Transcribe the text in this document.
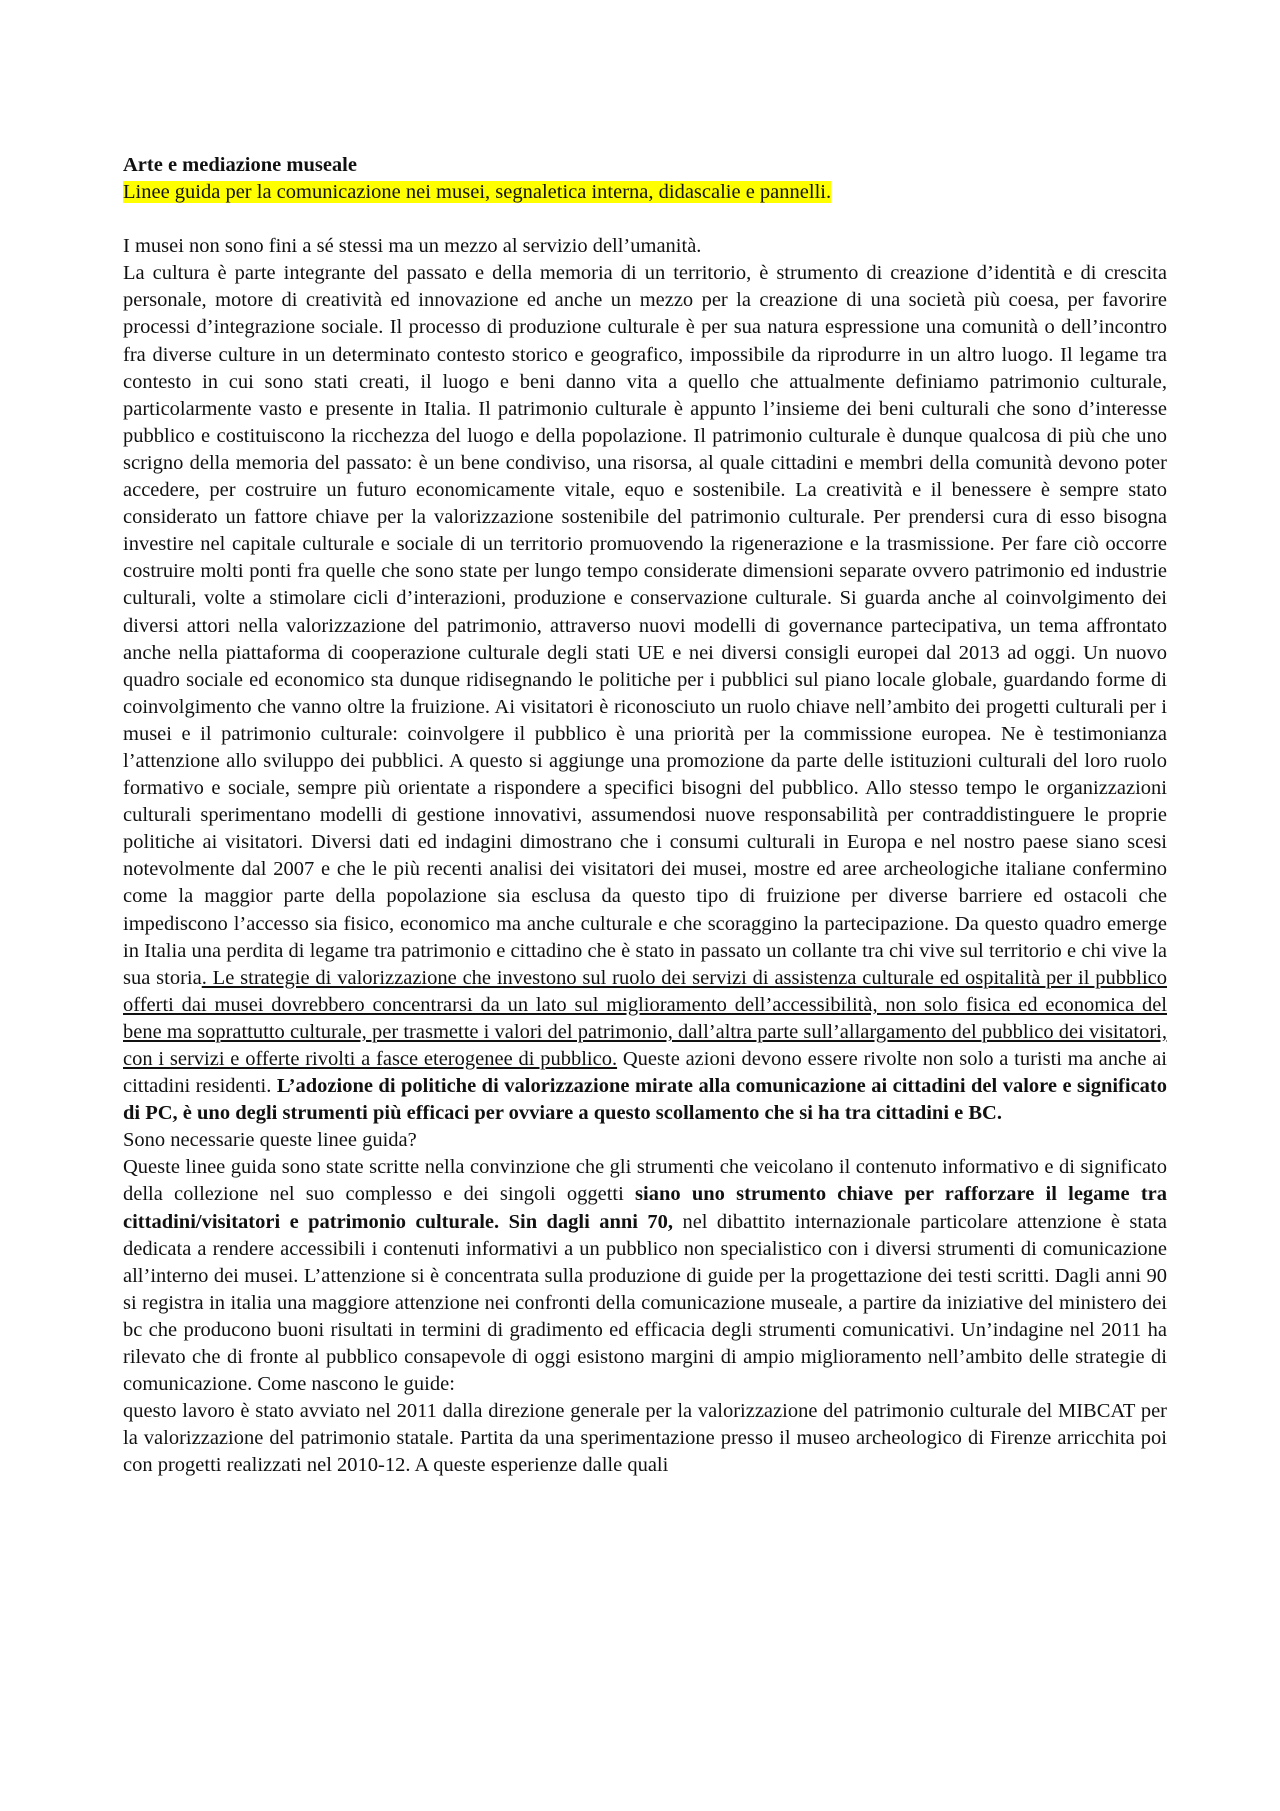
Arte e mediazione museale

Linee guida per la comunicazione nei musei, segnaletica interna, didascalie e pannelli.

I musei non sono fini a sé stessi ma un mezzo al servizio dell’umanità.

La cultura è parte integrante del passato e della memoria di un territorio, è strumento di creazione d’identità e di crescita personale, motore di creatività ed innovazione ed anche un mezzo per la creazione di una società più coesa, per favorire processi d’integrazione sociale. Il processo di produzione culturale è per sua natura espressione una comunità o dell’incontro fra diverse culture in un determinato contesto storico e geografico, impossibile da riprodurre in un altro luogo. Il legame tra contesto in cui sono stati creati, il luogo e beni danno vita a quello che attualmente definiamo patrimonio culturale, particolarmente vasto e presente in Italia. Il patrimonio culturale è appunto l’insieme dei beni culturali che sono d’interesse pubblico e costituiscono la ricchezza del luogo e della popolazione. Il patrimonio culturale è dunque qualcosa di più che uno scrigno della memoria del passato: è un bene condiviso, una risorsa, al quale cittadini e membri della comunità devono poter accedere, per costruire un futuro economicamente vitale, equo e sostenibile. La creatività e il benessere è sempre stato considerato un fattore chiave per la valorizzazione sostenibile del patrimonio culturale. Per prendersi cura di esso bisogna investire nel capitale culturale e sociale di un territorio promuovendo la rigenerazione e la trasmissione. Per fare ciò occorre costruire molti ponti fra quelle che sono state per lungo tempo considerate dimensioni separate ovvero patrimonio ed industrie culturali, volte a stimolare cicli d’interazioni, produzione e conservazione culturale. Si guarda anche al coinvolgimento dei diversi attori nella valorizzazione del patrimonio, attraverso nuovi modelli di governance partecipativa, un tema affrontato anche nella piattaforma di cooperazione culturale degli stati UE e nei diversi consigli europei dal 2013 ad oggi. Un nuovo quadro sociale ed economico sta dunque ridisegnando le politiche per i pubblici sul piano locale globale, guardando forme di coinvolgimento che vanno oltre la fruizione. Ai visitatori è riconosciuto un ruolo chiave nell’ambito dei progetti culturali per i musei e il patrimonio culturale: coinvolgere il pubblico è una priorità per la commissione europea. Ne è testimonianza l’attenzione allo sviluppo dei pubblici. A questo si aggiunge una promozione da parte delle istituzioni culturali del loro ruolo formativo e sociale, sempre più orientate a rispondere a specifici bisogni del pubblico. Allo stesso tempo le organizzazioni culturali sperimentano modelli di gestione innovativi, assumendosi nuove responsabilità per contraddistinguere le proprie politiche ai visitatori. Diversi dati ed indagini dimostrano che i consumi culturali in Europa e nel nostro paese siano scesi notevolmente dal 2007 e che le più recenti analisi dei visitatori dei musei, mostre ed aree archeologiche italiane confermino come la maggior parte della popolazione sia esclusa da questo tipo di fruizione per diverse barriere ed ostacoli che impediscono l’accesso sia fisico, economico ma anche culturale e che scoraggino la partecipazione. Da questo quadro emerge in Italia una perdita di legame tra patrimonio e cittadino che è stato in passato un collante tra chi vive sul territorio e chi vive la sua storia. Le strategie di valorizzazione che investono sul ruolo dei servizi di assistenza culturale ed ospitalità per il pubblico offerti dai musei dovrebbero concentrarsi da un lato sul miglioramento dell’accessibilità, non solo fisica ed economica del bene ma soprattutto culturale, per trasmette i valori del patrimonio, dall’altra parte sull’allargamento del pubblico dei visitatori, con i servizi e offerte rivolti a fasce eterogenee di pubblico. Queste azioni devono essere rivolte non solo a turisti ma anche ai cittadini residenti. L’adozione di politiche di valorizzazione mirate alla comunicazione ai cittadini del valore e significato di PC, è uno degli strumenti più efficaci per ovviare a questo scollamento che si ha tra cittadini e BC.

Sono necessarie queste linee guida?

Queste linee guida sono state scritte nella convinzione che gli strumenti che veicolano il contenuto informativo e di significato della collezione nel suo complesso e dei singoli oggetti siano uno strumento chiave per rafforzare il legame tra cittadini/visitatori e patrimonio culturale. Sin dagli anni 70, nel dibattito internazionale particolare attenzione è stata dedicata a rendere accessibili i contenuti informativi a un pubblico non specialistico con i diversi strumenti di comunicazione all’interno dei musei. L’attenzione si è concentrata sulla produzione di guide per la progettazione dei testi scritti. Dagli anni 90 si registra in italia una maggiore attenzione nei confronti della comunicazione museale, a partire da iniziative del ministero dei bc che producono buoni risultati in termini di gradimento ed efficacia degli strumenti comunicativi. Un’indagine nel 2011 ha rilevato che di fronte al pubblico consapevole di oggi esistono margini di ampio miglioramento nell’ambito delle strategie di comunicazione. Come nascono le guide:

questo lavoro è stato avviato nel 2011 dalla direzione generale per la valorizzazione del patrimonio culturale del MIBCAT per la valorizzazione del patrimonio statale. Partita da una sperimentazione presso il museo archeologico di Firenze arricchita poi con progetti realizzati nel 2010-12. A queste esperienze dalle quali
